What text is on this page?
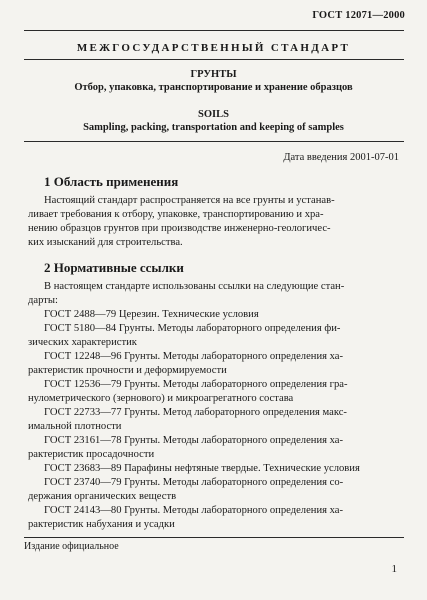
ГОСТ 12071—2000
МЕЖГОСУДАРСТВЕННЫЙ СТАНДАРТ
ГРУНТЫ
Отбор, упаковка, транспортирование и хранение образцов
SOILS
Sampling, packing, transportation and keeping of samples
Дата введения 2001-07-01
1 Область применения
Настоящий стандарт распространяется на все грунты и устанав-
ливает требования к отбору, упаковке, транспортированию и хра-
нению образцов грунтов при производстве инженерно-геологичес-
ких изысканий для строительства.
2 Нормативные ссылки
В настоящем стандарте использованы ссылки на следующие стан-
дарты:
ГОСТ 2488—79 Церезин. Технические условия
ГОСТ 5180—84 Грунты. Методы лабораторного определения фи-
зических характеристик
ГОСТ 12248—96 Грунты. Методы лабораторного определения ха-
рактеристик прочности и деформируемости
ГОСТ 12536—79 Грунты. Методы лабораторного определения гра-
нулометрического (зернового) и микроагрегатного состава
ГОСТ 22733—77 Грунты. Метод лабораторного определения макс-
имальной плотности
ГОСТ 23161—78 Грунты. Методы лабораторного определения ха-
рактеристик просадочности
ГОСТ 23683—89 Парафины нефтяные твердые. Технические условия
ГОСТ 23740—79 Грунты. Методы лабораторного определения со-
держания органических веществ
ГОСТ 24143—80 Грунты. Методы лабораторного определения ха-
рактеристик набухания и усадки
Издание официальное
1
